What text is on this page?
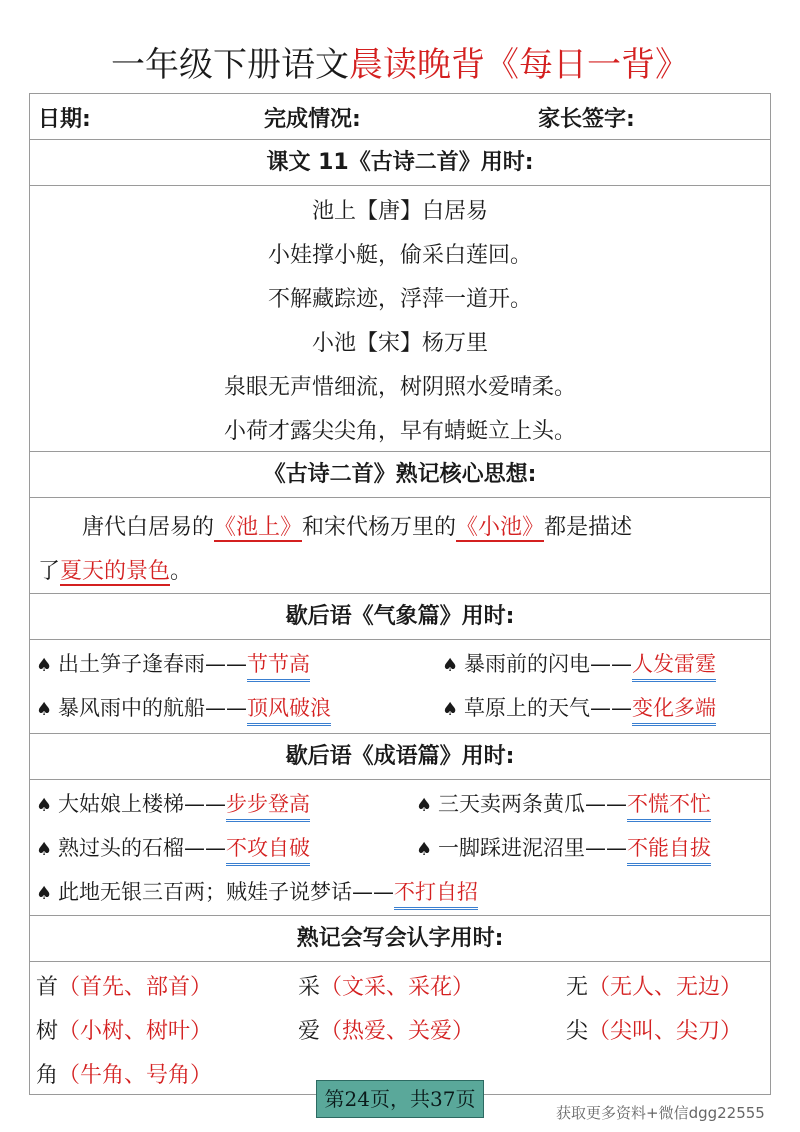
一年级下册语文晨读晚背《每日一背》
日期:	完成情况:	家长签字:
课文 11《古诗二首》用时:
池上【唐】白居易
小娃撑小艇，偷采白莲回。
不解藏踪迹，浮萍一道开。
小池【宋】杨万里
泉眼无声惜细流，树阴照水爱晴柔。
小荷才露尖尖角，早有蜻蜓立上头。
《古诗二首》熟记核心思想:
唐代白居易的《池上》和宋代杨万里的《小池》都是描述
了夏天的景色。
歇后语《气象篇》用时:
♠ 出土笋子逢春雨——节节高	♠ 暴雨前的闪电——人发雷霆
♠ 暴风雨中的航船——顶风破浪	♠ 草原上的天气——变化多端
歇后语《成语篇》用时:
♠ 大姑娘上楼梯——步步登高	♠ 三天卖两条黄瓜——不慌不忙
♠ 熟过头的石榴——不攻自破	♠ 一脚踩进泥沼里——不能自拔
♠ 此地无银三百两；贼娃子说梦话——不打自招
熟记会写会认字用时:
首（首先、部首）	采（文采、采花）	无（无人、无边）
树（小树、树叶）	爱（热爱、关爱）	尖（尖叫、尖刀）
角（牛角、号角）
第24页，共37页
获取更多资料+微信dgg22555
